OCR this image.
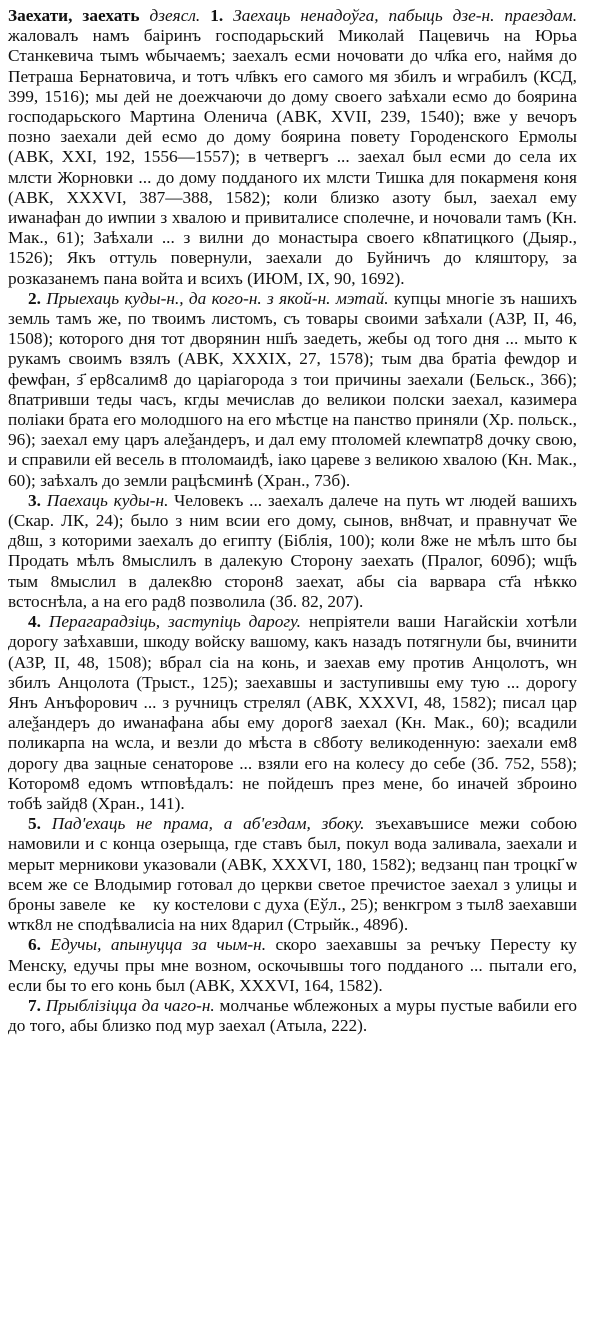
Заехати, заехать дзеясл. 1. Заехаць ненадоўга, пабыць дзе-н. праездам. жаловалъ намъ бaiринъ господарьский Миколай Пацевичь на Юрьa Станкевича тымъ ѡбычаемъ; заехалъ есми ночовати до чл҃ка его, наймя до Петраша Бернатовича, и тотъ чл҃вкъ его самого мя збилъ и ѡграбилъ (КСД, 399, 1516); мы дей не доежчаючи до дому своего заѣхали есмо до боярина господарьского Мартина Оленича (АВК, XVII, 239, 1540); вже у вечоръ позно заехали дей есмо до дому боярина повету Городенского Ермолы (АВК, XXI, 192, 1556—1557); в четвергъ ... заехал был есми до села их млсти Жорновки ... до дому подданого их млсти Тишка для покарменя коня (АВК, XXXVI, 387—388, 1582); коли близко азоту был, заехал ему иѡанафан до иѡпии з хвалою и привиталисе сполечне, и ночовали тамъ (Кн. Мак., 61); Заѣхали ... з вилни до монастыра своего к8патицкого (Дыяр., 1526); Якъ оттуль повернули, заехали до Буйничъ до кляштору, за розказанемъ пана войта и всихъ (ИЮМ, IX, 90, 1692).

2. Прыехаць куды-н., да кого-н. з якой-н. мэтай. купцы многiе зъ нашихъ земль тамъ же, по твоимъ листомъ, съ товары своими заѣхали (АЗР, II, 46, 1508); которого дня тот дворянин нш҃ъ заедеть, жебы од того дня ... мыто к рукамъ своимъ взялъ (АВК, XXXIX, 27, 1578); тым два братiа феѡдор и феѡфан, з҃ ер8салим8 до царiагорода з тои причины заехали (Бельск., 366); 8патривши теды часъ, кгды мечислав до великои полски заехал, казимера полiаки брата его молодшого на его мѣстцe на панство приняли (Хр. польск., 96); заехал ему царъ алеѯандеръ, и дал ему птоломей клеѡпатр8 дочку свою, и справили ей весель в птоломаидѣ, iако цареве з великою хвалою (Кн. Мак., 60); заѣхалъ до земли рацѣсминѣ (Хран., 73б).

3. Паехаць куды-н. Человекъ ... заехалъ далече на путь ѡт людей вашихъ (Скар. ЛК, 24); было з ним всии его дому, сынов, вн8чат, и правнучат ѿе д8ш, з которими заехалъ до египту (Біблія, 100); коли 8же не мѣлъ што бы Продать мѣлъ 8мыслилъ в далекую Сторону заехать (Пралог, 609б); ѡщ҃ъ тым 8мыслил в далек8ю сторон8 заехат, абы сiа варвара ст҃а нѣкко встоснѣла, а на его рад8 позволила (Зб. 82, 207).

4. Перагарадзіць, заступіць дарогу. непріятели ваши Нагайскіи хотѣли дорогу заѣхавши, шкоду войску вашому, какъ назадъ потягнули бы, вчинити (АЗР, II, 48, 1508); вбрал сiа на конь, и заехав ему против Анцолотъ, ѡн збилъ Анцолота (Трыст., 125); заехавшы и заступившы ему тую ... дорогу Янъ Анъфорович ... з ручницъ стрелял (АВК, XXXVI, 48, 1582); писал цар алеѯандеръ до иѡанафана абы ему дорог8 заехал (Кн. Мак., 60); всадили поликарпа на ѡсла, и везли до мѣста в с8боту великоденную: заехали ем8 дорогу два зацные сенаторове ... взяли его на колесу до себе (Зб. 752, 558); Котором8 едомъ ѡтповѣдалъ: не пойдешъ през мене, бо иначей зброино тобѣ зайд8 (Хран., 141).

5. Пад'ехаць не прама, а аб'ездам, збоку. зъехавъшисе межи собою намовили и с конца озерыща, где ставъ был, покул вода заливала, заехали и мерыт мерникови указовали (АВК, XXXVI, 180, 1582); ведзанц пан троцкі҃ ѡ всем же се Влодымир готовал до церкви светое пречистое заехал з улицы и броны завелеⷭкеⷭ ку костелови с духа (Еўл., 25); венкгром з тыл8 заехавши ѡтк8л не сподѣвалисiа на них 8дарил (Стрыйк., 489б).

6. Едучы, апынуцца за чым-н. скоро заехавшы за речъку Пересту ку Менску, едучы пры мне возном, оскочывшы того подданого ... пытали его, если бы то его конь был (АВК, XXXVI, 164, 1582).

7. Прыблізіцца да чаго-н. молчанье ѡблежоных а муры пустые вабили его до того, абы близко под мур заехал (Атыла, 222).
